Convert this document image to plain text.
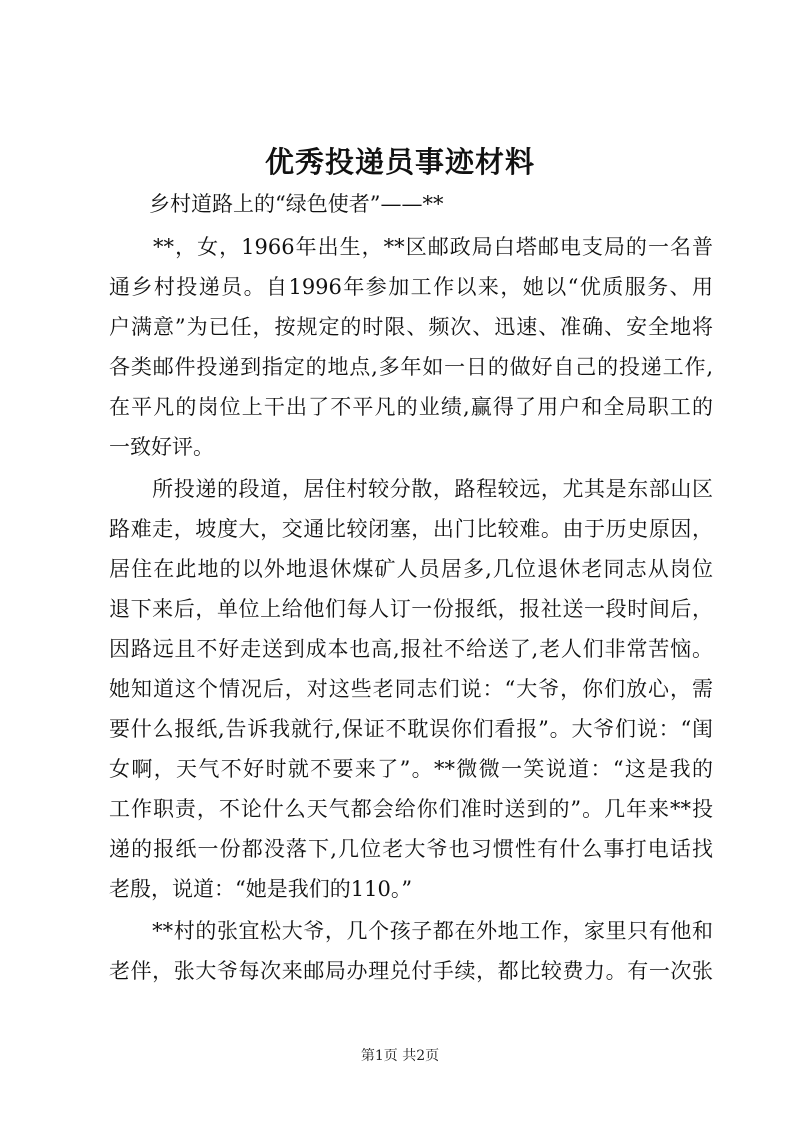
优秀投递员事迹材料
乡村道路上的“绿色使者”——**
　　**，女，1966年出生，**区邮政局白塔邮电支局的一名普
通乡村投递员。自1996年参加工作以来，她以“优质服务、用
户满意”为已任，按规定的时限、频次、迅速、准确、安全地将
各类邮件投递到指定的地点,多年如一日的做好自己的投递工作,
在平凡的岗位上干出了不平凡的业绩,赢得了用户和全局职工的
一致好评。
　　所投递的段道，居住村较分散，路程较远，尤其是东部山区
路难走，坡度大，交通比较闭塞，出门比较难。由于历史原因，
居住在此地的以外地退休煤矿人员居多,几位退休老同志从岗位
退下来后，单位上给他们每人订一份报纸，报社送一段时间后，
因路远且不好走送到成本也高,报社不给送了,老人们非常苦恼。
她知道这个情况后，对这些老同志们说：“大爷，你们放心，需
要什么报纸,告诉我就行,保证不耽误你们看报”。大爷们说：“闺
女啊，天气不好时就不要来了”。**微微一笑说道：“这是我的
工作职责，不论什么天气都会给你们准时送到的”。几年来**投
递的报纸一份都没落下,几位老大爷也习惯性有什么事打电话找
老殷，说道：“她是我们的110。”
　　**村的张宜松大爷，几个孩子都在外地工作，家里只有他和
老伴，张大爷每次来邮局办理兑付手续，都比较费力。有一次张
第1页 共2页
